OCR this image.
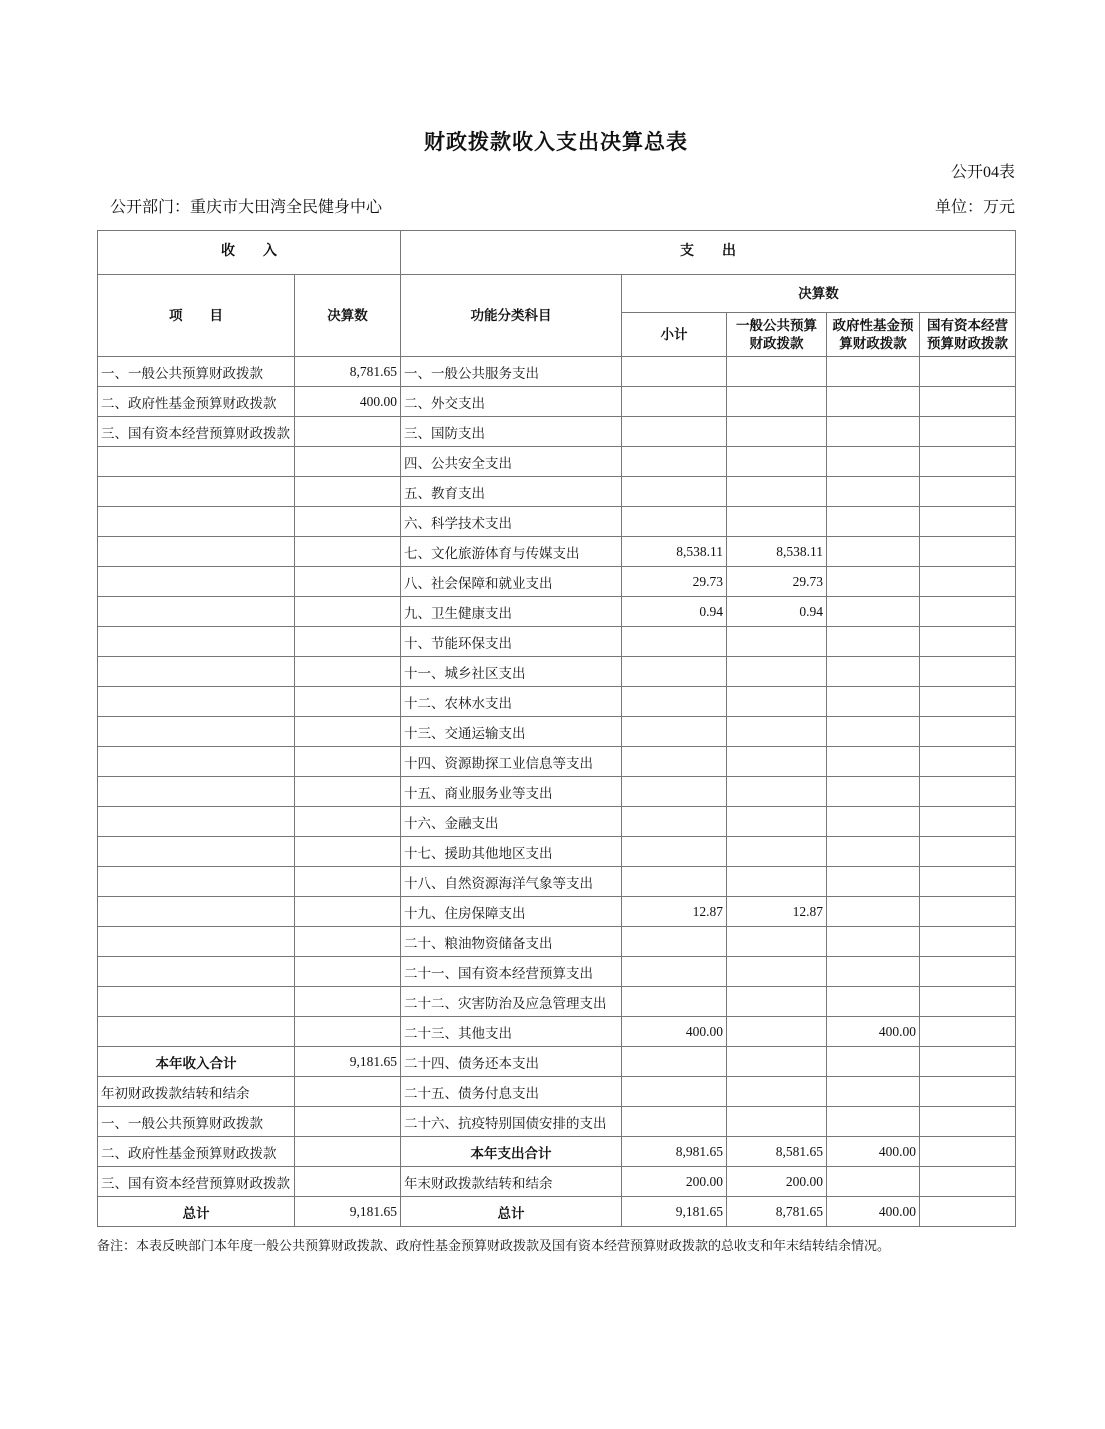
财政拨款收入支出决算总表
公开04表
公开部门：重庆市大田湾全民健身中心	单位：万元
收　　入		支　　出				
项　　目	决算数	功能分类科目	决算数			
			小计	一般公共预算财政拨款	政府性基金预算财政拨款	国有资本经营预算财政拨款
一、一般公共预算财政拨款	8,781.65	一、一般公共服务支出				
二、政府性基金预算财政拨款	400.00	二、外交支出				
三、国有资本经营预算财政拨款		三、国防支出				
		四、公共安全支出				
		五、教育支出				
		六、科学技术支出				
		七、文化旅游体育与传媒支出	8,538.11	8,538.11		
		八、社会保障和就业支出	29.73	29.73		
		九、卫生健康支出	0.94	0.94		
		十、节能环保支出				
		十一、城乡社区支出				
		十二、农林水支出				
		十三、交通运输支出				
		十四、资源勘探工业信息等支出				
		十五、商业服务业等支出				
		十六、金融支出				
		十七、援助其他地区支出				
		十八、自然资源海洋气象等支出				
		十九、住房保障支出	12.87	12.87		
		二十、粮油物资储备支出				
		二十一、国有资本经营预算支出				
		二十二、灾害防治及应急管理支出				
		二十三、其他支出	400.00		400.00	
本年收入合计	9,181.65	二十四、债务还本支出				
年初财政拨款结转和结余		二十五、债务付息支出				
一、一般公共预算财政拨款		二十六、抗疫特别国债安排的支出				
二、政府性基金预算财政拨款		本年支出合计	8,981.65	8,581.65	400.00	
三、国有资本经营预算财政拨款		年末财政拨款结转和结余	200.00	200.00		
总计	9,181.65	总计	9,181.65	8,781.65	400.00	
备注：本表反映部门本年度一般公共预算财政拨款、政府性基金预算财政拨款及国有资本经营预算财政拨款的总收支和年末结转结余情况。
